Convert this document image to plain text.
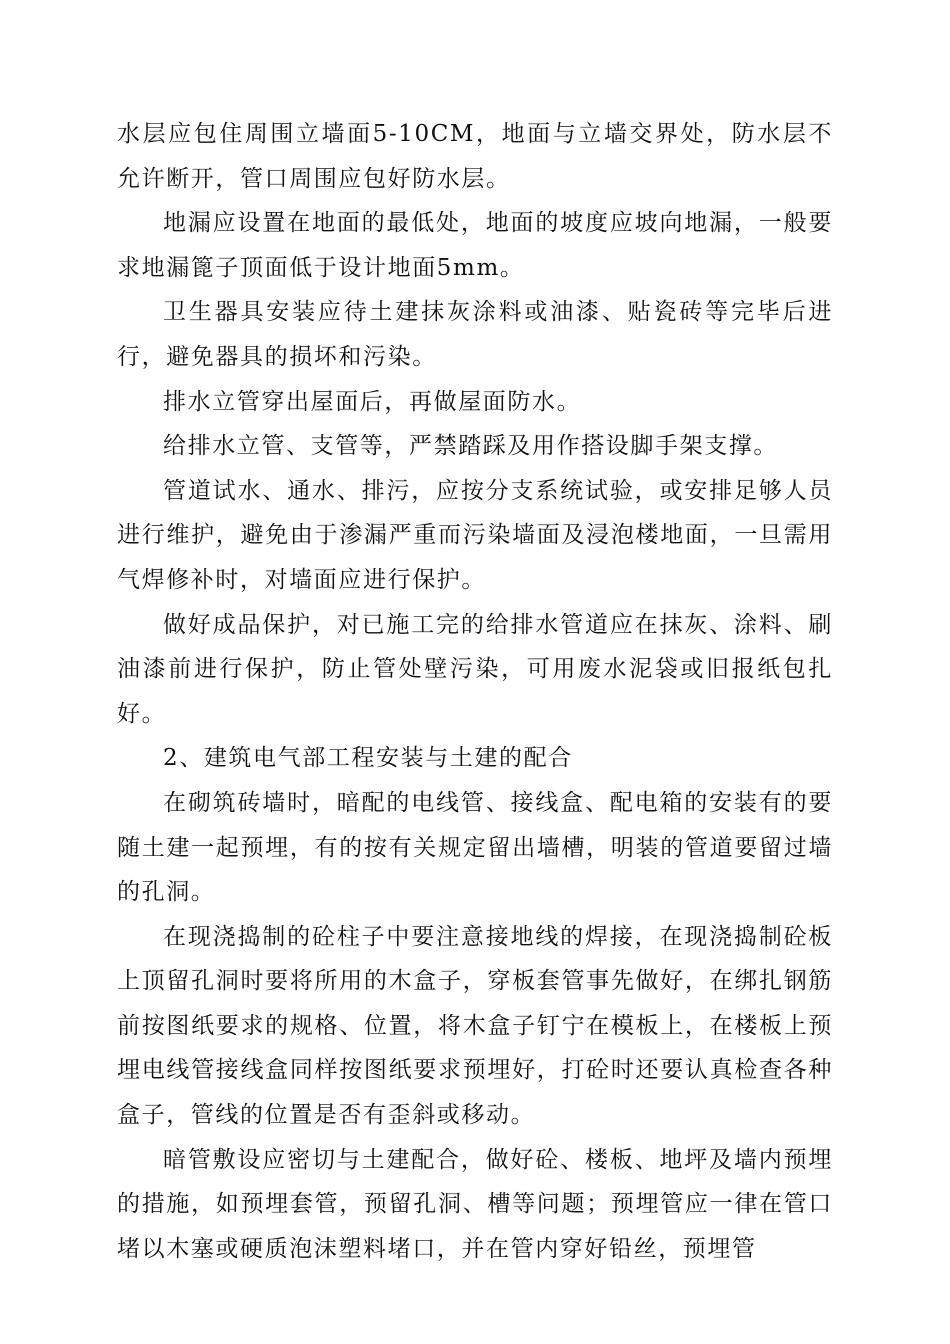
水层应包住周围立墙面5-10CM，地面与立墙交界处，防水层不允许断开，管口周围应包好防水层。

地漏应设置在地面的最低处，地面的坡度应坡向地漏，一般要求地漏篦子顶面低于设计地面5mm。

卫生器具安装应待土建抹灰涂料或油漆、贴瓷砖等完毕后进行，避免器具的损坏和污染。

排水立管穿出屋面后，再做屋面防水。

给排水立管、支管等，严禁踏踩及用作搭设脚手架支撑。

管道试水、通水、排污，应按分支系统试验，或安排足够人员进行维护，避免由于渗漏严重而污染墙面及浸泡楼地面，一旦需用气焊修补时，对墙面应进行保护。

做好成品保护，对已施工完的给排水管道应在抹灰、涂料、刷油漆前进行保护，防止管处壁污染，可用废水泥袋或旧报纸包扎好。

2、建筑电气部工程安装与土建的配合

在砌筑砖墙时，暗配的电线管、接线盒、配电箱的安装有的要随土建一起预埋，有的按有关规定留出墙槽，明装的管道要留过墙的孔洞。

在现浇捣制的砼柱子中要注意接地线的焊接，在现浇捣制砼板上顶留孔洞时要将所用的木盒子，穿板套管事先做好，在绑扎钢筋前按图纸要求的规格、位置，将木盒子钉宁在模板上，在楼板上预埋电线管接线盒同样按图纸要求预埋好，打砼时还要认真检查各种盒子，管线的位置是否有歪斜或移动。

暗管敷设应密切与土建配合，做好砼、楼板、地坪及墙内预埋的措施，如预埋套管，预留孔洞、槽等问题；预埋管应一律在管口堵以木塞或硬质泡沫塑料堵口，并在管内穿好铅丝，预埋管
